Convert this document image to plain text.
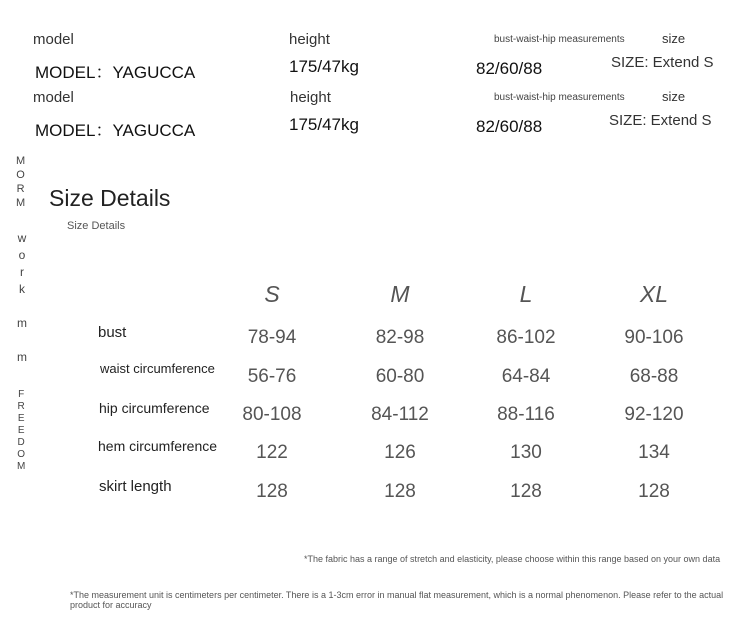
model	height	bust-waist-hip measurements	size
MODEL：YAGUCCA	175/47kg	82/60/88	SIZE: Extend S
model	height	bust-waist-hip measurements	size
MODEL：YAGUCCA	175/47kg	82/60/88	SIZE: Extend S
M
O
R
M
w
o
r
k
m
m
F
R
E
E
D
O
M
Size Details
Size Details
S	M	L	XL
bust	78-94	82-98	86-102	90-106
waist circumference	56-76	60-80	64-84	68-88
hip circumference	80-108	84-112	88-116	92-120
hem circumference	122	126	130	134
skirt length	128	128	128	128
*The fabric has a range of stretch and elasticity, please choose within this range based on your own data
*The measurement unit is centimeters per centimeter. There is a 1-3cm error in manual flat measurement, which is a normal phenomenon. Please refer to the actual product for accuracy
